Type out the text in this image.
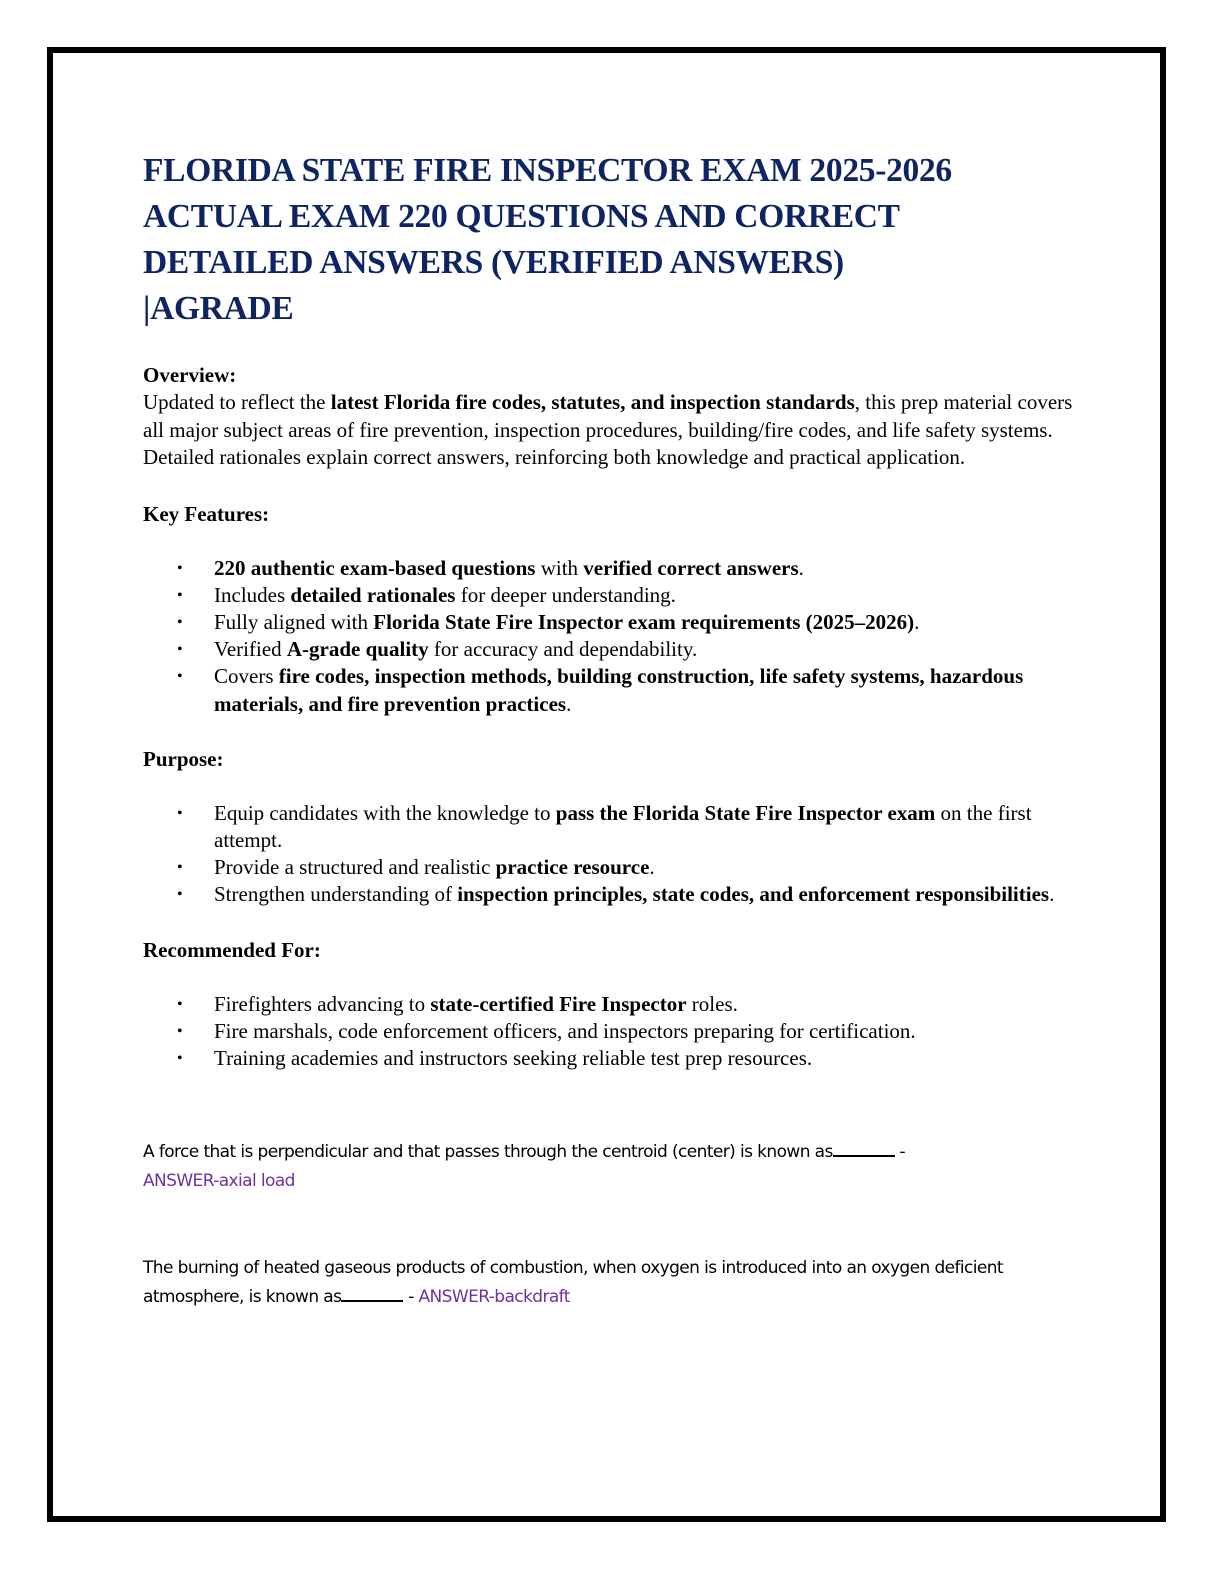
FLORIDA STATE FIRE INSPECTOR EXAM 2025-2026
ACTUAL EXAM 220 QUESTIONS AND CORRECT
DETAILED ANSWERS (VERIFIED ANSWERS)
|AGRADE
Overview:

Updated to reflect the latest Florida fire codes, statutes, and inspection standards, this prep material covers all major subject areas of fire prevention, inspection procedures, building/fire codes, and life safety systems. Detailed rationales explain correct answers, reinforcing both knowledge and practical application.

Key Features:
• 220 authentic exam-based questions with verified correct answers.
• Includes detailed rationales for deeper understanding.
• Fully aligned with Florida State Fire Inspector exam requirements (2025–2026).
• Verified A-grade quality for accuracy and dependability.
• Covers fire codes, inspection methods, building construction, life safety systems, hazardous materials, and fire prevention practices.
Purpose:
• Equip candidates with the knowledge to pass the Florida State Fire Inspector exam on the first attempt.
• Provide a structured and realistic practice resource.
• Strengthen understanding of inspection principles, state codes, and enforcement responsibilities.
Recommended For:
• Firefighters advancing to state-certified Fire Inspector roles.
• Fire marshals, code enforcement officers, and inspectors preparing for certification.
• Training academies and instructors seeking reliable test prep resources.
A force that is perpendicular and that passes through the centroid (center) is known as	-
ANSWER-axial load
The burning of heated gaseous products of combustion, when oxygen is introduced into an oxygen deficient atmosphere, is known as	- ANSWER-backdraft
